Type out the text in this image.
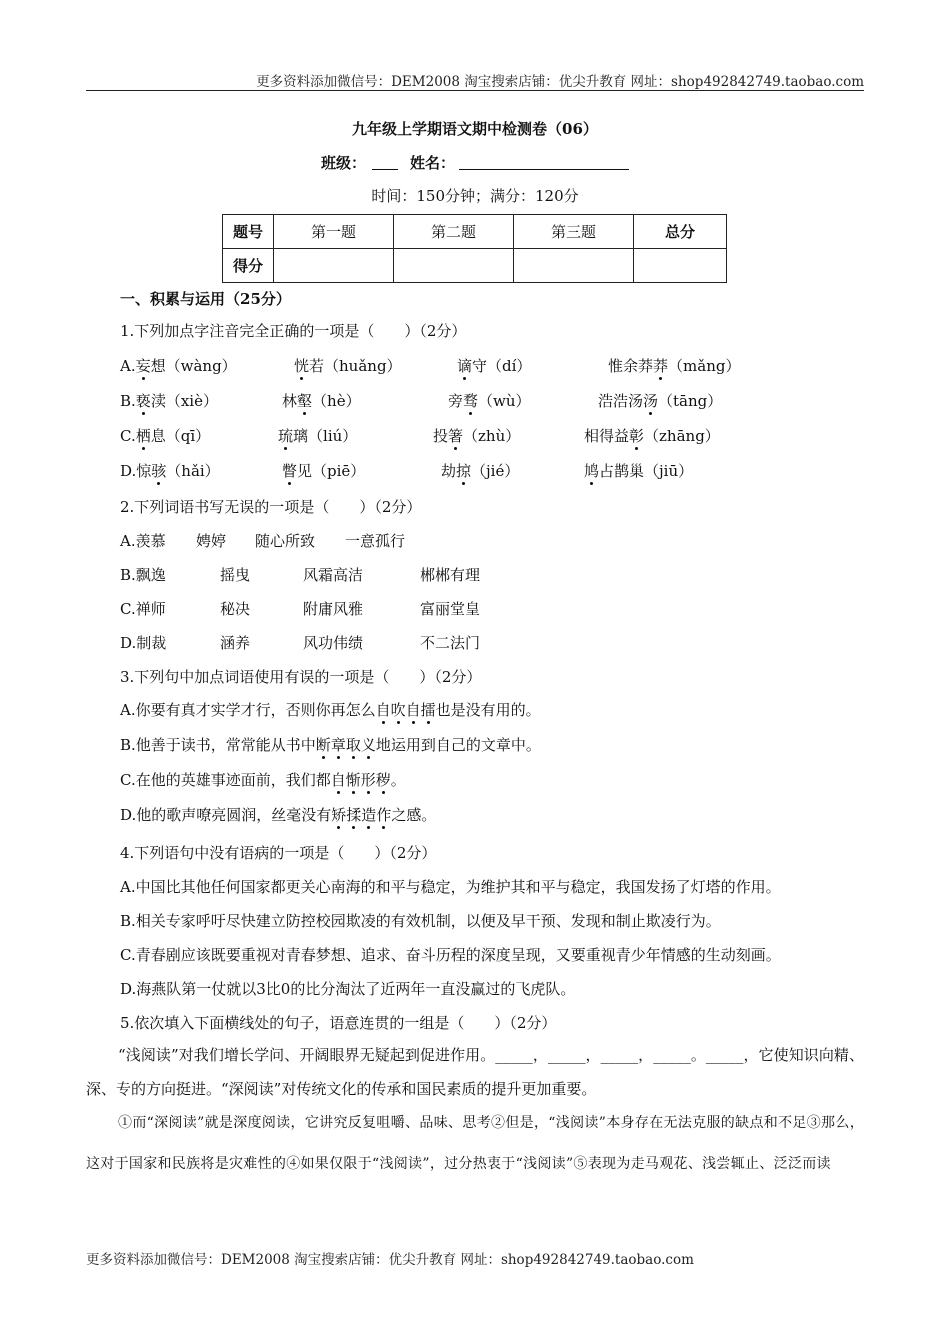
更多资料添加微信号：DEM2008 淘宝搜索店铺：优尖升教育 网址：shop492842749.taobao.com
九年级上学期语文期中检测卷（06）
班级：	姓名：
时间：150分钟；满分：120分
题号	第一题	第二题	第三题	总分
得分				
一、积累与运用（25分）
1.下列加点字注音完全正确的一项是（　　）（2分）
A.妄想（wàng）	恍若（huǎng）	谪守（dí）	惟余莽莽（mǎng）
B.亵渎（xiè）	林壑（hè）	旁骛（wù）	浩浩汤汤（tāng）
C.栖息（qī）	琉璃（liú）	投箸（zhù）	相得益彰（zhāng）
D.惊骇（hǎi）	瞥见（piē）	劫掠（jié）	鸠占鹊巢（jiū）
2.下列词语书写无误的一项是（　　）（2分）
A.羡慕 娉婷 随心所致 一意孤行
B.飘逸	摇曳	风霜高洁	郴郴有理
C.禅师	秘决	附庸风雅	富丽堂皇
D.制裁	涵养	风功伟绩	不二法门
3.下列句中加点词语使用有误的一项是（　　）（2分）
A.你要有真才实学才行，否则你再怎么自吹自擂也是没有用的。
B.他善于读书，常常能从书中断章取义地运用到自己的文章中。
C.在他的英雄事迹面前，我们都自惭形秽。
D.他的歌声嘹亮圆润，丝毫没有矫揉造作之感。
4.下列语句中没有语病的一项是（　　）（2分）
A.中国比其他任何国家都更关心南海的和平与稳定，为维护其和平与稳定，我国发扬了灯塔的作用。
B.相关专家呼吁尽快建立防控校园欺凌的有效机制，以便及早干预、发现和制止欺凌行为。
C.青春剧应该既要重视对青春梦想、追求、奋斗历程的深度呈现，又要重视青少年情感的生动刻画。
D.海燕队第一仗就以3比0的比分淘汰了近两年一直没赢过的飞虎队。
5.依次填入下面横线处的句子，语意连贯的一组是（　　）（2分）
“浅阅读”对我们增长学问、开阔眼界无疑起到促进作用。_____，_____，_____，_____。_____，它使知识向精、深、专的方向挺进。“深阅读”对传统文化的传承和国民素质的提升更加重要。
①而“深阅读”就是深度阅读，它讲究反复咀嚼、品味、思考②但是，“浅阅读”本身存在无法克服的缺点和不足③那么，这对于国家和民族将是灾难性的④如果仅限于“浅阅读”，过分热衷于“浅阅读”⑤表现为走马观花、浅尝辄止、泛泛而读
更多资料添加微信号：DEM2008 淘宝搜索店铺：优尖升教育 网址：shop492842749.taobao.com
